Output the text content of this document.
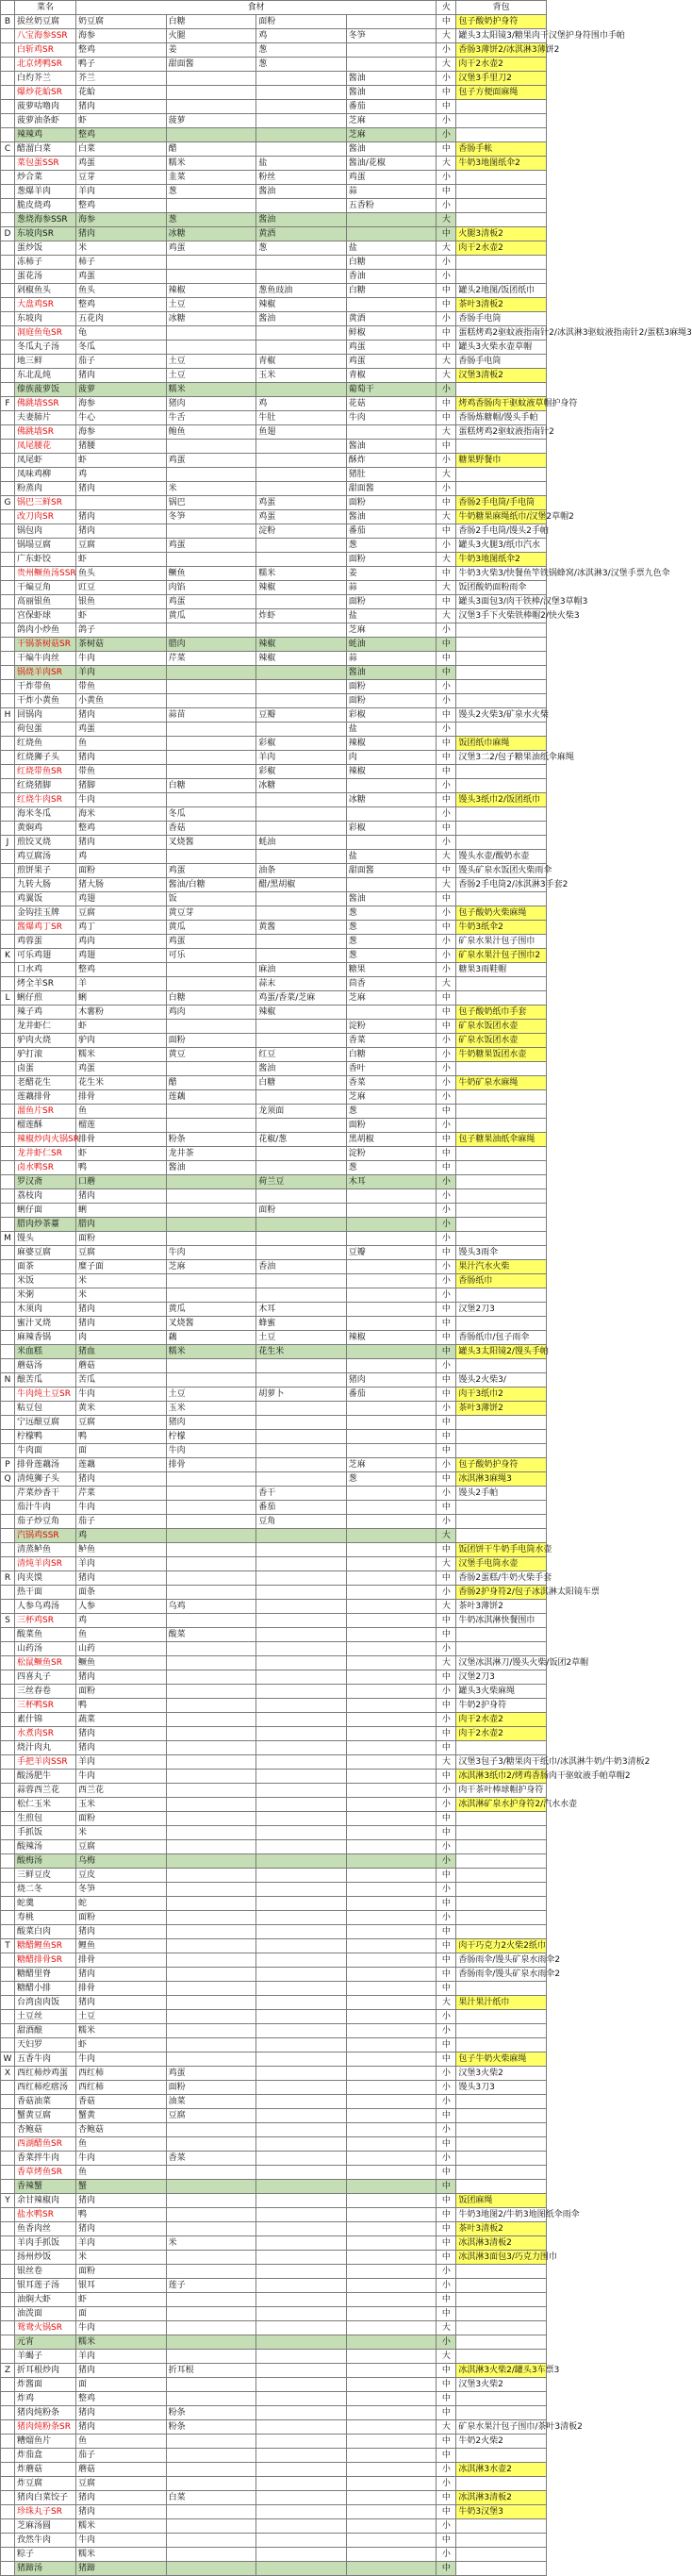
	菜名	食材				火	背包
B	拔丝奶豆腐	奶豆腐	白糖	面粉		中	包子酸奶护身符
	八宝海参SSR	海参	火腿	鸡	冬笋	大	罐头3太阳镜3/糖果肉干汉堡护身符围巾手帕
	白斩鸡SR	整鸡	姜	葱		小	香肠3薄饼2/冰淇淋3薄饼2
	北京烤鸭SR	鸭子	甜面酱	葱		大	肉干2水壶2
	白灼芥兰	芥兰			酱油	小	汉堡3手里刀2
	爆炒花蛤SR	花蛤			酱油	中	包子方便面麻绳
	菠萝咕噜肉	猪肉			番茄	中	
	菠萝油条虾	虾	菠萝		芝麻	小	
	辣辣鸡	整鸡			芝麻	小	
C	醋溜白菜	白菜	醋		酱油	中	香肠手帐
	菜包蛋SSR	鸡蛋	糯米	盐	酱油/花椒	大	牛奶3地图纸伞2
	炒合菜	豆芽	韭菜	粉丝	鸡蛋	小	
	葱爆羊肉	羊肉	葱	酱油	蒜	中	
	脆皮烧鸡	整鸡			五香粉	小	
	葱烧海参SSR	海参	葱	酱油		大	
D	东坡肉SR	猪肉	冰糖	黄酒		中	火腿3清板2
	蛋炒饭	米	鸡蛋	葱	盐	大	肉干2水壶2
	冻柿子	柿子			白糖	小	
	蛋花汤	鸡蛋			香油	小	
	剁椒鱼头	鱼头	辣椒	葱鱼豉油	白糖	中	罐头2地图/饭团纸巾
	大盘鸡SR	整鸡	土豆	辣椒		中	茶叶3清板2
	东坡肉	五花肉	冰糖	酱油	黄酒	小	香肠手电筒
	洞庭鱼龟SR	龟			鲜椒	中	蛋糕烤鸡2驱蚊液指南针2/冰淇淋3驱蚊液指南针2/蛋糕3麻绳3
	冬瓜丸子汤	冬瓜			鸡蛋	中	罐头3火柴水壶草帽
	地三鲜	茄子	土豆	青椒	鸡蛋	大	香肠手电筒
	东北乱炖	猪肉	土豆	玉米	青椒	大	汉堡3清板2
	傣族菠萝饭	菠萝	糯米		葡萄干	小	
F	佛跳墙SSR	海参	猪肉	鸡	花菇	中	烤鸡香肠肉干驱蚊液草帽护身符
	夫妻肺片	牛心	牛舌	牛肚	牛肉	中	香肠炼糖帽/馒头手帕
	佛跳墙SR	海参	鲍鱼	鱼翅		大	蛋糕烤鸡2驱蚊液指南针2
	凤尾腰花	猪腰			酱油	中	
	凤尾虾	虾	鸡蛋		酥炸	小	糖果野餐巾
	凤味鸡柳	鸡			猪肚	大	
	粉蒸肉	猪肉	米		甜面酱	小	
G	锅巴三鲜SR		锅巴	鸡蛋	面粉	中	香肠2手电筒/手电筒
	改刀肉SR	猪肉	冬笋	鸡蛋	酱油	大	牛奶糖果麻绳纸巾/汉堡2草帽2
	锅包肉	猪肉		淀粉	番茄	中	香肠2手电筒/馒头2手帕
	锅塌豆腐	豆腐	鸡蛋		葱	小	罐头3火腿3/纸巾汽水
	广东虾饺	虾			面粉	大	牛奶3地图纸伞2
	贵州鳜鱼汤SSR	鱼头	鳜鱼	糯米	姜	中	牛奶3火柴3/快餐鱼竿铁锅蜂窝/冰淇淋3/汉堡手票九色伞
	干煸豆角	豇豆	肉馅	辣椒	蒜	大	饭团酸奶面粉雨伞
	高丽银鱼	银鱼	鸡蛋		面粉	中	罐头3面包3/肉干铁棒/汉堡3草帽3
	宫保虾球	虾	黄瓜	炸虾	盐	大	汉堡3手下火柴铁棒帽2/快火柴3
	鸽肉小炒鱼	鸽子			芝麻	小	
	干锅茶树菇SR	茶树菇	腊肉	辣椒	蚝油	中	
	干煸牛肉丝	牛肉	芹菜	辣椒	蒜	中	
	锅烧羊肉SR	羊肉			酱油	中	
	干炸带鱼	带鱼			面粉	小	
	干炸小黄鱼	小黄鱼			面粉	小	
H	回锅肉	猪肉	蒜苗	豆瓣	彩椒	中	馒头2火柴3/矿泉水火柴
	荷包蛋	鸡蛋			盐	小	
	红烧鱼	鱼		彩椒	辣椒	中	饭团纸巾麻绳
	红烧狮子头	猪肉		羊肉	肉	中	汉堡3二2/包子糖果油纸伞麻绳
	红烧带鱼SR	带鱼		彩椒	辣椒	中	
	红烧猪脚	猪脚	白糖	冰糖		小	
	红烧牛肉SR	牛肉			冰糖	中	馒头3纸巾2/饭团纸巾
	海米冬瓜	海米	冬瓜			小	
	黄焖鸡	整鸡	香菇		彩椒	中	
J	煎饺叉烧	猪肉	叉烧酱	蚝油		小	
	鸡豆腐汤	鸡			盐	大	馒头水壶/酸奶水壶
	煎饼果子	面粉	鸡蛋	油条	甜面酱	中	馒头矿泉水饭团火柴雨伞
	九转大肠	猪大肠	酱油/白糖	醋/黑胡椒		大	香肠2手电筒2/冰淇淋3手套2
	鸡翼饭	鸡翅	饭		酱油	中	
	金钩挂玉牌	豆腐	黄豆芽		葱	小	包子酸奶火柴麻绳
	酱爆鸡丁SR	鸡丁	黄瓜	黄酱	葱	中	牛奶3纸伞2
	鸡蓉蛋	鸡肉	鸡蛋		葱	小	矿泉水果汁包子围巾
K	可乐鸡翅	鸡翅	可乐		葱	小	矿泉水果汁包子围巾2
	口水鸡	整鸡		麻油	糖果	小	糖果3雨鞋帽
	烤全羊SR	羊		蒜末	茴香	大	
L	蜊仔煎	蜊	白糖	鸡蛋/香菜/芝麻	芝麻	中	
	辣子鸡	木薯粉	鸡肉	辣椒		中	包子酸奶纸巾手套
	龙井虾仁	虾			淀粉	中	矿泉水饭团水壶
	驴肉火烧	驴肉	面粉		香菜	小	矿泉水饭团水壶
	驴打滚	糯米	黄豆	红豆	白糖	小	牛奶糖果饭团水壶
	卤蛋	鸡蛋		酱油	香叶	小	
	老醋花生	花生米	醋	白糖	香菜	小	牛奶矿泉水麻绳
	莲藕排骨	排骨	莲藕		芝麻	小	
	溜鱼片SR	鱼		龙须面	葱	中	
	榴莲酥	榴莲			面粉	小	
	辣椒炒肉火锅SR	排骨	粉条	花椒/葱	黑胡椒	中	包子糖果油纸伞麻绳
	龙井虾仁SR	虾	龙井茶		淀粉	中	
	卤水鸭SR	鸭	酱油		葱	中	
	罗汉斋	口蘑		荷兰豆	木耳	小	
	荔枝肉	猪肉				小	
	蜊仔面	蜊		面粉		小	
	腊肉炒茶薹	腊肉				小	
M	馒头	面粉				小	
	麻婆豆腐	豆腐	牛肉		豆瓣	中	馒头3雨伞
	面茶	糜子面	芝麻	香油		小	果汁汽水火柴
	米饭	米				小	香肠纸巾
	米粥	米				小	
	木须肉	猪肉	黄瓜	木耳		中	汉堡2刀3
	蜜汁叉烧	猪肉	叉烧酱	蜂蜜		中	
	麻辣香锅	肉	藕	土豆	辣椒	中	香肠纸巾/包子雨伞
	米血糕	猪血	糯米	花生米		中	罐头3太阳镜2/馒头手帕
	蘑菇汤	蘑菇				小	
N	酿苦瓜	苦瓜			猪肉	中	馒头2火柴3/
	牛肉炖土豆SR	牛肉	土豆	胡萝卜	番茄	中	肉干3纸巾2
	粘豆包	黄米	玉米			小	茶叶3薄饼2
	宁远酿豆腐	豆腐	猪肉			中	
	柠檬鸭	鸭	柠檬			中	
	牛肉面	面	牛肉			中	
P	排骨莲藕汤	莲藕	排骨		芝麻	小	包子酸奶护身符
Q	清炖狮子头	猪肉			葱	中	冰淇淋3麻绳3
	芹菜炒香干	芹菜		香干		小	馒头2手帕
	茄汁牛肉	牛肉		番茄		中	
	茄子炒豆角	茄子		豆角		小	
	汽锅鸡SSR	鸡				大	
	清蒸鲈鱼	鲈鱼				中	饭团饼干牛奶手电筒水壶
	清炖羊肉SR	羊肉				大	汉堡手电筒水壶
R	肉夹馍	猪肉				中	香肠2蛋糕/牛奶火柴手套
	热干面	面条				小	香肠2护身符2/包子冰淇淋太阳镜车票
	人参乌鸡汤	人参	乌鸡			大	茶叶3薄饼2
S	三杯鸡SR	鸡				中	牛奶冰淇淋快餐围巾
	酸菜鱼	鱼	酸菜			中	
	山药汤	山药				小	
	松鼠鳜鱼SR	鳜鱼				大	汉堡冰淇淋刀/馒头火柴/饭团2草帽
	四喜丸子	猪肉				中	汉堡2刀3
	三丝春卷	面粉				小	罐头3火柴麻绳
	三杯鸭SR	鸭				中	牛奶2护身符
	素什锦	蔬菜				小	肉干2水壶2
	水煮肉SR	猪肉				中	肉干2水壶2
	烧汁肉丸	猪肉				中	
	手把羊肉SSR	羊肉				大	汉堡3包子3/糖果肉干纸巾/冰淇淋牛奶/牛奶3清板2
	酸汤肥牛	牛肉				中	冰淇淋3纸巾2/烤鸡香肠肉干驱蚊液手帕草帽2
	蒜蓉西兰花	西兰花				小	肉干茶叶棒球帽护身符
	松仁玉米	玉米				小	冰淇淋矿泉水护身符2/汽水水壶
	生煎包	面粉				中	
	手抓饭	米				中	
	酸辣汤	豆腐				小	
	酸梅汤	乌梅				小	
	三鲜豆皮	豆皮				中	
	烧二冬	冬笋				小	
	蛇羹	蛇				中	
	寿桃	面粉				小	
	酸菜白肉	猪肉				中	
T	糖醋鲤鱼SR	鲤鱼				中	肉干巧克力2火柴2纸巾
	糖醋排骨SR	排骨				中	香肠雨伞/馒头矿泉水雨伞2
	糖醋里脊	猪肉				中	香肠雨伞/馒头矿泉水雨伞2
	糖醋小排	排骨				中	
	台湾卤肉饭	猪肉				大	果汁果汁纸巾
	土豆丝	土豆				小	
	甜酒酿	糯米				小	
	天妇罗	虾				中	
W	五香牛肉	牛肉				中	包子牛奶火柴麻绳
X	西红柿炒鸡蛋	西红柿	鸡蛋			小	汉堡3火柴2
	西红柿疙瘩汤	西红柿	面粉			小	馒头3刀3
	香菇油菜	香菇	油菜			小	
	蟹黄豆腐	蟹黄	豆腐			中	
	杏鲍菇	杏鲍菇				小	
	西湖醋鱼SR	鱼				中	
	香菜拌牛肉	牛肉	香菜			小	
	香草烤鱼SR	鱼				中	
	香辣蟹	蟹				中	
Y	余甘辣椒肉	猪肉				中	饭团麻绳
	盐水鸭SR	鸭				中	牛奶3地图2/牛奶3地图纸伞雨伞
	鱼香肉丝	猪肉				中	茶叶3清板2
	羊肉手抓饭	羊肉	米			中	冰淇淋3清板2
	扬州炒饭	米				中	冰淇淋3面包3/巧克力围巾
	银丝卷	面粉				小	
	银耳莲子汤	银耳	莲子			小	
	油焖大虾	虾				中	
	油泼面	面				中	
	鸳鸯火锅SR	牛肉				大	
	元宵	糯米				小	
	羊蝎子	羊肉				大	
Z	折耳根炒肉	猪肉	折耳根			中	冰淇淋3火柴2/罐头3车票3
	炸酱面	面				中	汉堡3火柴2
	炸鸡	整鸡				中	
	猪肉炖粉条	猪肉	粉条			中	
	猪肉炖粉条SR	猪肉	粉条			大	矿泉水果汁包子围巾/茶叶3清板2
	糟熘鱼片	鱼				中	牛奶2火柴2
	炸茄盒	茄子				中	
	炸蘑菇	蘑菇				小	冰淇淋3水壶2
	炸豆腐	豆腐				小	
	猪肉白菜饺子	猪肉	白菜			中	冰淇淋3清板2
	珍珠丸子SR	猪肉				中	牛奶3汉堡3
	芝麻汤圆	糯米				小	
	孜然牛肉	牛肉				中	
	粽子	糯米				小	
	猪蹄汤	猪蹄				中	
